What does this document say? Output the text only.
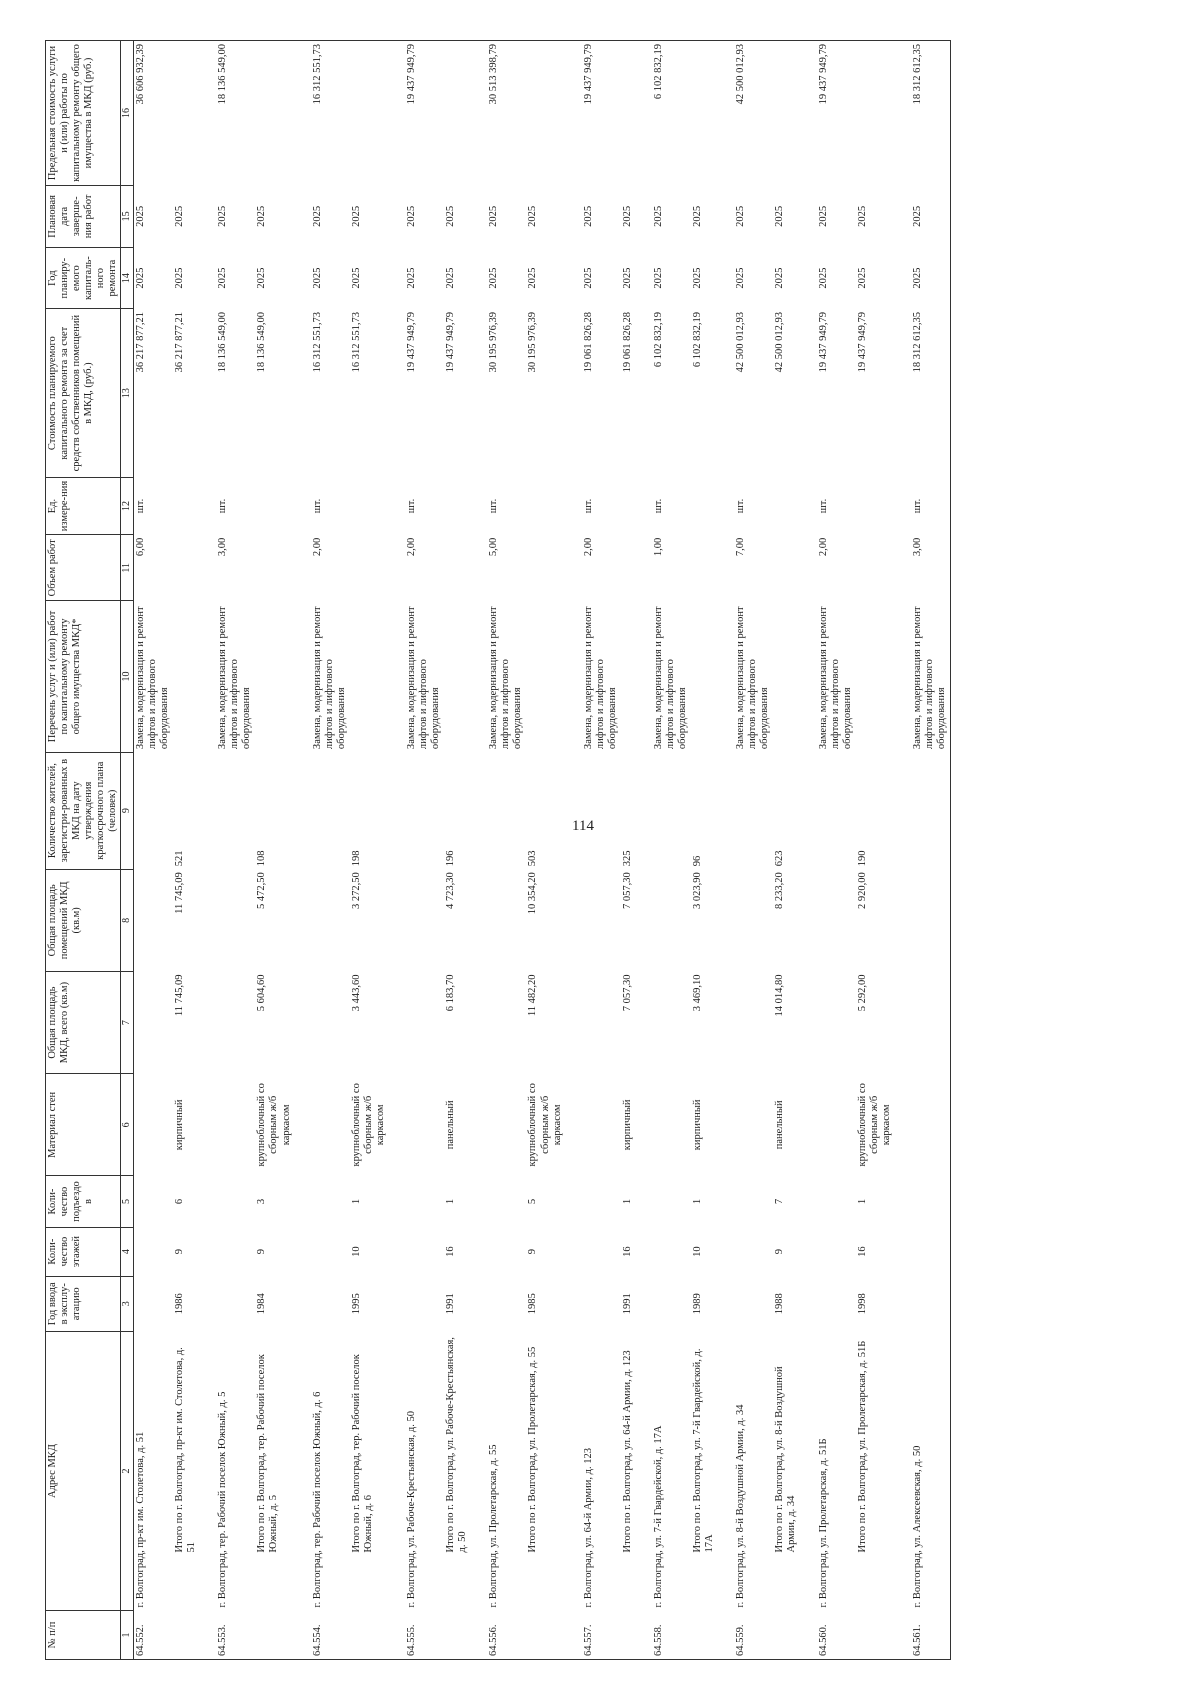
114
№ п/п	Адрес МКД	Год ввода в эксплу-атацию	Коли-чество этажей	Коли-чество подъездо в	Материал стен	Общая площадь МКД, всего (кв.м)	Общая площадь помещений МКД (кв.м)	Количество жителей, зарегистри-рованных в МКД на дату утверждения краткосрочного плана (человек)	Перечень услуг и (или) работ по капитальному ремонту общего имущества МКД*	Объем работ	Ед. измере-ния	Стоимость планируемого капитального ремонта за счет средств собственников помещений в МКД, (руб.)	Год планиру-емого капиталь-ного ремонта	Плановая дата заверше-ния работ	Предельная стоимость услуги и (или) работы по капитальному ремонту общего имущества в МКД (руб.)
1	2	3	4	5	6	7	8	9	10	11	12	13	14	15	16
64.552.	г. Волгоград, пр-кт им. Столетова, д. 51								Замена, модернизация и ремонт лифтов и лифтового оборудования	6,00	шт.	36 217 877,21	2025	2025	36 606 932,39
	Итого по г. Волгоград, пр-кт им. Столетова, д. 51	1986	9	6	кирпичный	11 745,09	11 745,09	521				36 217 877,21	2025	2025	
64.553.	г. Волгоград, тер. Рабочий поселок Южный, д. 5								Замена, модернизация и ремонт лифтов и лифтового оборудования	3,00	шт.	18 136 549,00	2025	2025	18 136 549,00
	Итого по г. Волгоград, тер. Рабочий поселок Южный, д. 5	1984	9	3	крупноблочный со сборным ж/б каркасом	5 604,60	5 472,50	108				18 136 549,00	2025	2025	
64.554.	г. Волгоград, тер. Рабочий поселок Южный, д. 6								Замена, модернизация и ремонт лифтов и лифтового оборудования	2,00	шт.	16 312 551,73	2025	2025	16 312 551,73
	Итого по г. Волгоград, тер. Рабочий поселок Южный, д. 6	1995	10	1	крупноблочный со сборным ж/б каркасом	3 443,60	3 272,50	198				16 312 551,73	2025	2025	
64.555.	г. Волгоград, ул. Рабоче-Крестьянская, д. 50								Замена, модернизация и ремонт лифтов и лифтового оборудования	2,00	шт.	19 437 949,79	2025	2025	19 437 949,79
	Итого по г. Волгоград, ул. Рабоче-Крестьянская, д. 50	1991	16	1	панельный	6 183,70	4 723,30	196				19 437 949,79	2025	2025	
64.556.	г. Волгоград, ул. Пролетарская, д. 55								Замена, модернизация и ремонт лифтов и лифтового оборудования	5,00	шт.	30 195 976,39	2025	2025	30 513 398,79
	Итого по г. Волгоград, ул. Пролетарская, д. 55	1985	9	5	крупноблочный со сборным ж/б каркасом	11 482,20	10 354,20	503				30 195 976,39	2025	2025	
64.557.	г. Волгоград, ул. 64-й Армии, д. 123								Замена, модернизация и ремонт лифтов и лифтового оборудования	2,00	шт.	19 061 826,28	2025	2025	19 437 949,79
	Итого по г. Волгоград, ул. 64-й Армии, д. 123	1991	16	1	кирпичный	7 057,30	7 057,30	325				19 061 826,28	2025	2025	
64.558.	г. Волгоград, ул. 7-й Гвардейской, д. 17А								Замена, модернизация и ремонт лифтов и лифтового оборудования	1,00	шт.	6 102 832,19	2025	2025	6 102 832,19
	Итого по г. Волгоград, ул. 7-й Гвардейской, д. 17А	1989	10	1	кирпичный	3 469,10	3 023,90	96				6 102 832,19	2025	2025	
64.559.	г. Волгоград, ул. 8-й Воздушной Армии, д. 34								Замена, модернизация и ремонт лифтов и лифтового оборудования	7,00	шт.	42 500 012,93	2025	2025	42 500 012,93
	Итого по г. Волгоград, ул. 8-й Воздушной Армии, д. 34	1988	9	7	панельный	14 014,80	8 233,20	623				42 500 012,93	2025	2025	
64.560.	г. Волгоград, ул. Пролетарская, д. 51Б								Замена, модернизация и ремонт лифтов и лифтового оборудования	2,00	шт.	19 437 949,79	2025	2025	19 437 949,79
	Итого по г. Волгоград, ул. Пролетарская, д. 51Б	1998	16	1	крупноблочный со сборным ж/б каркасом	5 292,00	2 920,00	190				19 437 949,79	2025	2025	
64.561.	г. Волгоград, ул. Алексеевская, д. 50								Замена, модернизация и ремонт лифтов и лифтового оборудования	3,00	шт.	18 312 612,35	2025	2025	18 312 612,35
